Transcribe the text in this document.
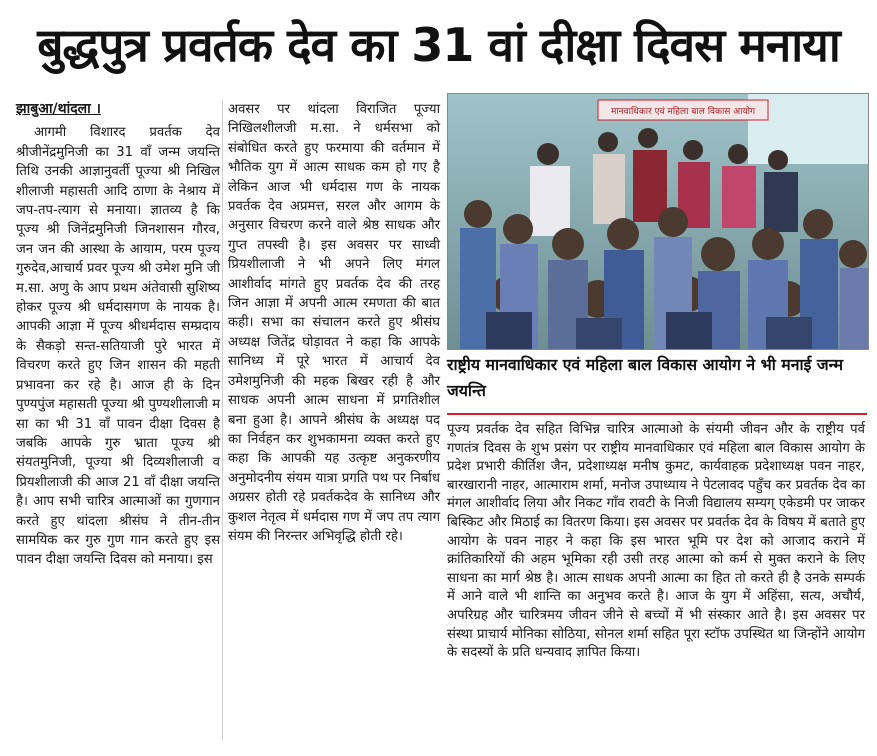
बुद्धपुत्र प्रवर्तक देव का 31 वां दीक्षा दिवस मनाया
झाबुआ/थांदला ।
आगमी विशारद प्रवर्तक देव श्रीजीनेंद्रमुनिजी का 31 वाँ जन्म जयन्ति तिथि उनकी आज्ञानुवर्ती पूज्या श्री निखिल शीलाजी महासती आदि ठाणा के नेश्राय में जप-तप-त्याग से मनाया। ज्ञातव्य है कि पूज्य श्री जिनेंद्रमुनिजी जिनशासन गौरव, जन जन की आस्था के आयाम, परम पूज्य गुरुदेव,आचार्य प्रवर पूज्य श्री उमेश मुनि जी म.सा. अणु के आप प्रथम अंतेवासी सुशिष्य होकर पूज्य श्री धर्मदासगण के नायक है। आपकी आज्ञा में पूज्य श्रीधर्मदास सम्प्रदाय के सैकड़ो सन्त-सतियाजी पुरे भारत में विचरण करते हुए जिन शासन की महती प्रभावना कर रहे है। आज ही के दिन पुण्यपुंज महासती पूज्या श्री पुण्यशीलाजी म सा का भी 31 वाँ पावन दीक्षा दिवस है जबकि आपके गुरु भ्राता पूज्य श्री संयतमुनिजी, पूज्या श्री दिव्यशीलाजी व प्रियशीलाजी की आज 21 वाँ दीक्षा जयन्ति है। आप सभी चारित्र आत्माओं का गुणगान करते हुए थांदला श्रीसंघ ने तीन-तीन सामयिक कर गुरु गुण गान करते हुए इस पावन दीक्षा जयन्ति दिवस को मनाया। इस
अवसर पर थांदला विराजित पूज्या निखिलशीलजी म.सा. ने धर्मसभा को संबोधित करते हुए फरमाया की वर्तमान में भौतिक युग में आत्म साधक कम हो गए है लेकिन आज भी धर्मदास गण के नायक प्रवर्तक देव अप्रमत्त, सरल और आगम के अनुसार विचरण करने वाले श्रेष्ठ साधक और गुप्त तपस्वी है। इस अवसर पर साध्वी प्रियशीलाजी ने भी अपने लिए मंगल आशीर्वाद मांगते हुए प्रवर्तक देव की तरह जिन आज्ञा में अपनी आत्म रमणता की बात कही। सभा का संचालन करते हुए श्रीसंघ अध्यक्ष जितेंद्र घोड़ावत ने कहा कि आपके सानिध्य में पूरे भारत में आचार्य देव उमेशमुनिजी की महक बिखर रही है और साधक अपनी आत्म साधना में प्रगतिशील बना हुआ है। आपने श्रीसंघ के अध्यक्ष पद का निर्वहन कर शुभकामना व्यक्त करते हुए कहा कि आपकी यह उत्कृष्ट अनुकरणीय अनुमोदनीय संयम यात्रा प्रगति पथ पर निर्बाध अग्रसर होती रहे प्रवर्तकदेव के सानिध्य और कुशल नेतृत्व में धर्मदास गण में जप तप त्याग संयम की निरन्तर अभिवृद्धि होती रहे।
मानवाधिकार एवं महिला बाल विकास आयोग
राष्ट्रीय मानवाधिकार एवं महिला बाल विकास आयोग ने भी मनाई जन्म जयन्ति
पूज्य प्रवर्तक देव सहित विभिन्न चारित्र आत्माओ के संयमी जीवन और के राष्ट्रीय पर्व गणतंत्र दिवस के शुभ प्रसंग पर राष्ट्रीय मानवाधिकार एवं महिला बाल विकास आयोग के प्रदेश प्रभारी कीर्तिश जैन, प्रदेशाध्यक्ष मनीष कुमट, कार्यवाहक प्रदेशाध्यक्ष पवन नाहर, बारखारानी नाहर, आत्माराम शर्मा, मनोज उपाध्याय ने पेटलावद पहुँच कर प्रवर्तक देव का मंगल आशीर्वाद लिया और निकट गाँव रावटी के निजी विद्यालय सम्यग् एकेडमी पर जाकर बिस्किट और मिठाई का वितरण किया। इस अवसर पर प्रवर्तक देव के विषय में बताते हुए आयोग के पवन नाहर ने कहा कि इस भारत भूमि पर देश को आजाद कराने में क्रांतिकारियों की अहम भूमिका रही उसी तरह आत्मा को कर्म से मुक्त कराने के लिए साधना का मार्ग श्रेष्ठ है। आत्म साधक अपनी आत्मा का हित तो करते ही है उनके सम्पर्क में आने वाले भी शान्ति का अनुभव करते है। आज के युग में अहिंसा, सत्य, अचौर्य, अपरिग्रह और चारित्रमय जीवन जीने से बच्चों में भी संस्कार आते है। इस अवसर पर संस्था प्राचार्य मोनिका सोठिया, सोनल शर्मा सहित पूरा स्टॉफ उपस्थित था जिन्होंने आयोग के सदस्यों के प्रति धन्यवाद ज्ञापित किया।
